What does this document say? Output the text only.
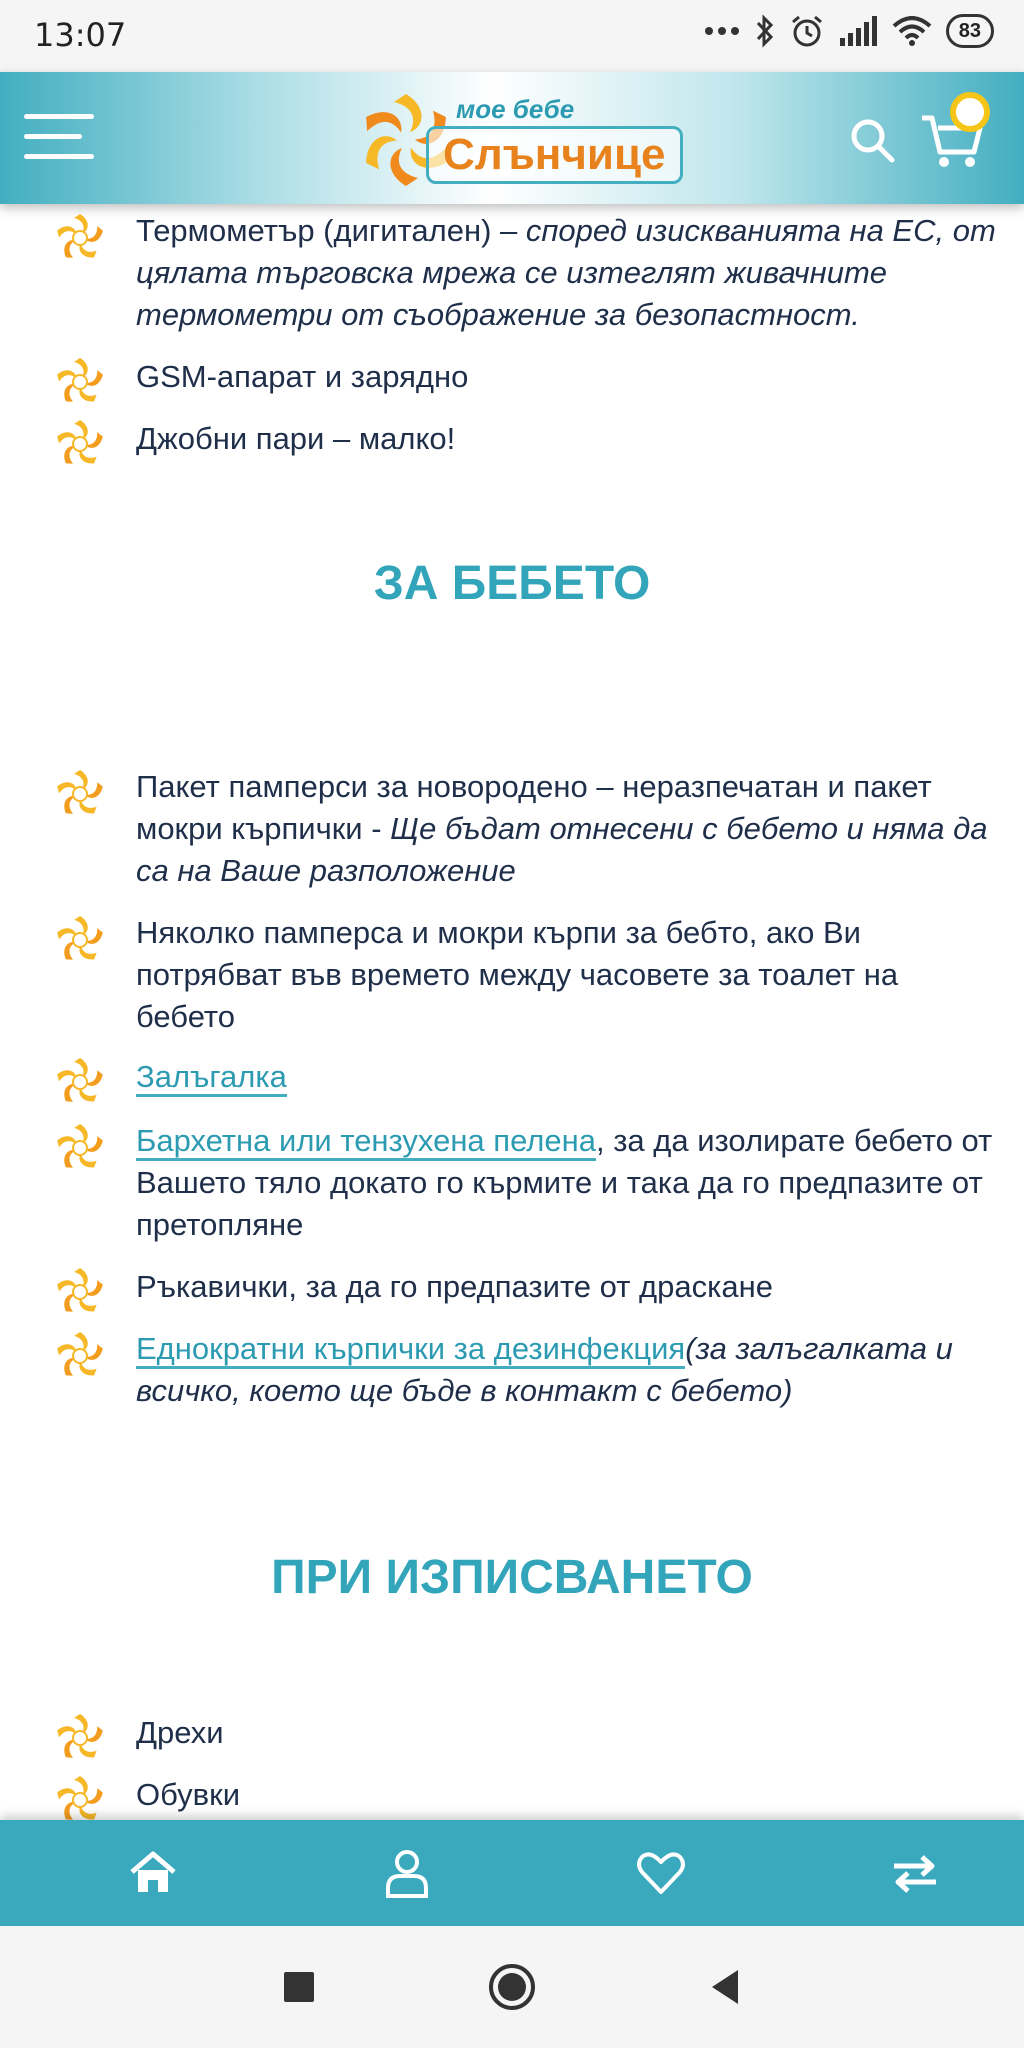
13:07	83
мое бебе
Слънчице
Термометър (дигитален) – според изискванията на ЕС, от цялата търговска мрежа се изтеглят живачните термометри от съображение за безопастност.
GSM-апарат и зарядно
Джобни пари – малко!
ЗА БЕБЕТО
Пакет памперси за новородено – неразпечатан и пакет мокри кърпички - Ще бъдат отнесени с бебето и няма да са на Ваше разположение
Няколко памперса и мокри кърпи за бебто, ако Ви потрябват във времето между часовете за тоалет на бебето
Залъгалка
Бархетна или тензухена пелена, за да изолирате бебето от Вашето тяло докато го кърмите и така да го предпазите от претопляне
Ръкавички, за да го предпазите от драскане
Еднократни кърпички за дезинфекция(за залъгалката и всичко, което ще бъде в контакт с бебето)
ПРИ ИЗПИСВАНЕТО
Дрехи
Обувки
